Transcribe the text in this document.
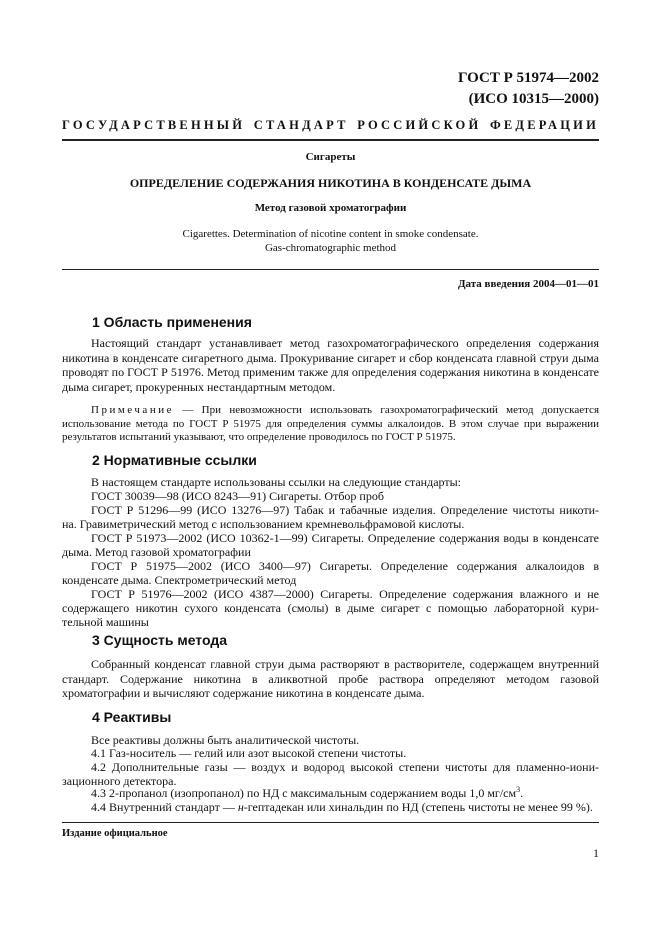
ГОСТ Р 51974—2002
(ИСО 10315—2000)
ГОСУДАРСТВЕННЫЙ СТАНДАРТ РОССИЙСКОЙ ФЕДЕРАЦИИ
Сигареты
ОПРЕДЕЛЕНИЕ СОДЕРЖАНИЯ НИКОТИНА В КОНДЕНСАТЕ ДЫМА
Метод газовой хроматографии
Cigarettes. Determination of nicotine content in smoke condensate.
Gas-chromatographic method
Дата введения 2004—01—01
1 Область применения
Настоящий стандарт устанавливает метод газохроматографического определения содержания никотина в конденсате сигаретного дыма. Прокуривание сигарет и сбор конденсата главной струи дыма проводят по ГОСТ Р 51976. Метод применим также для определения содержания никотина в конденсате дыма сигарет, прокуренных нестандартным методом.
Примечание — При невозможности использовать газохроматографический метод допускается использование метода по ГОСТ Р 51975 для определения суммы алкалоидов. В этом случае при выражении результатов испытаний указывают, что определение проводилось по ГОСТ Р 51975.
2 Нормативные ссылки
В настоящем стандарте использованы ссылки на следующие стандарты:
ГОСТ 30039—98 (ИСО 8243—91) Сигареты. Отбор проб
ГОСТ Р 51296—99 (ИСО 13276—97) Табак и табачные изделия. Определение чистоты никоти-
на. Гравиметрический метод с использованием кремневольфрамовой кислоты.
ГОСТ Р 51973—2002 (ИСО 10362-1—99) Сигареты. Определение содержания воды в конденсате
дыма. Метод газовой хроматографии
ГОСТ Р 51975—2002 (ИСО 3400—97) Сигареты. Определение содержания алкалоидов в
конденсате дыма. Спектрометрический метод
ГОСТ Р 51976—2002 (ИСО 4387—2000) Сигареты. Определение содержания влажного и не
содержащего никотин сухого конденсата (смолы) в дыме сигарет с помощью лабораторной кури-
тельной машины
3 Сущность метода
Собранный конденсат главной струи дыма растворяют в растворителе, содержащем внутренний стандарт. Содержание никотина в аликвотной пробе раствора определяют методом газовой хроматографии и вычисляют содержание никотина в конденсате дыма.
4 Реактивы
Все реактивы должны быть аналитической чистоты.
4.1 Газ-носитель — гелий или азот высокой степени чистоты.
4.2 Дополнительные газы — воздух и водород высокой степени чистоты для пламенно-иони-
зационного детектора.
4.3 2-пропанол (изопропанол) по НД с максимальным содержанием воды 1,0 $мг/см^3$.
4.4 Внутренний стандарт — н-гептадекан или хинальдин по НД (степень чистоты не менее 99 %).
Издание официальное
1
